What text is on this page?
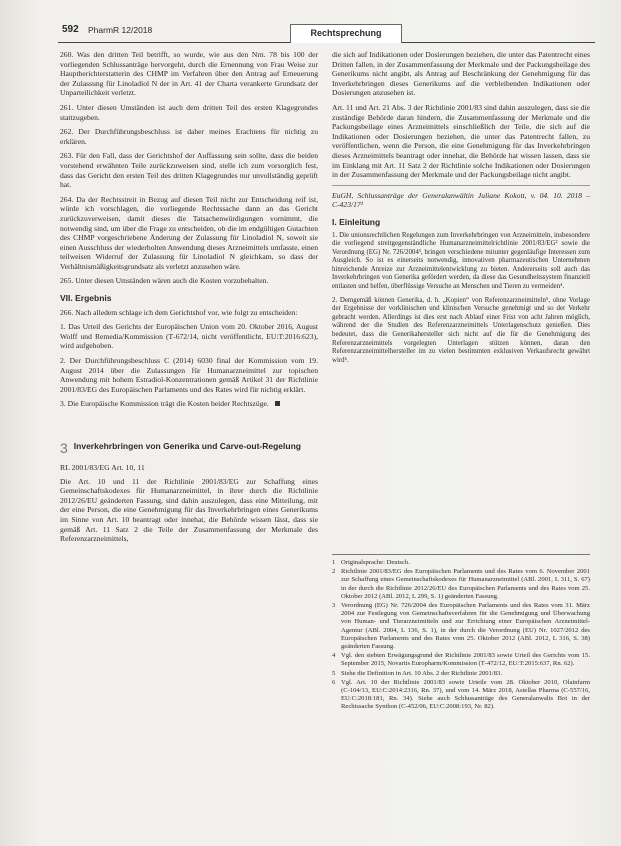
592 PharmR 12/2018	Rechtsprechung

260. Was den dritten Teil betrifft, so wurde, wie aus den Nrn. 78 bis 100 der vorliegenden Schlussanträge hervorgeht, durch die Ernennung von Frau Weise zur Hauptberichterstatterin des CHMP im Verfahren über den Antrag auf Erneuerung der Zulassung für Linoladiol N der in Art. 41 der Charta verankerte Grundsatz der Unparteilichkeit verletzt.

261. Unter diesen Umständen ist auch dem dritten Teil des ersten Klagegrundes stattzugeben.

262. Der Durchführungsbeschluss ist daher meines Erachtens für nichtig zu erklären.

263. Für den Fall, dass der Gerichtshof der Auffassung sein sollte, dass die beiden vorstehend erwähnten Teile zurückzuweisen sind, stelle ich zum vorsorglich fest, dass das Gericht den ersten Teil des dritten Klagegrundes nur unvollständig geprüft hat.

264. Da der Rechtsstreit in Bezug auf diesen Teil nicht zur Entscheidung reif ist, würde ich vorschlagen, die vorliegende Rechtssache dann an das Gericht zurückzuverweisen, damit dieses die Tatsachenwürdigungen vornimmt, die notwendig sind, um über die Frage zu entscheiden, ob die im endgültigen Gutachten des CHMP vorgeschriebene Änderung der Zulassung für Linoladiol N, soweit sie einen Ausschluss der wiederholten Anwendung dieses Arzneimittels umfasste, einen teilweisen Widerruf der Zulassung für Linoladiol N gleichkam, so dass der Verhältnismäßigkeitsgrundsatz als verletzt anzusehen wäre.

265. Unter diesen Umständen wären auch die Kosten vorzubehalten.

VII. Ergebnis

266. Nach alledem schlage ich dem Gerichtshof vor, wie folgt zu entscheiden:

1. Das Urteil des Gerichts der Europäischen Union vom 20. Oktober 2016, August Wolff und Remedia/Kommission (T‑672/14, nicht veröffentlicht, EU:T:2016:623), wird aufgehoben.

2. Der Durchführungsbeschluss C (2014) 6030 final der Kommission vom 19. August 2014 über die Zulassungen für Humanarzneimittel zur topischen Anwendung mit hohem Estradiol-Konzentrationen gemäß Artikel 31 der Richtlinie 2001/83/EG des Europäischen Parlaments und des Rates wird für nichtig erklärt.

3. Die Europäische Kommission trägt die Kosten beider Rechtszüge.

3 Inverkehrbringen von Generika und Carve-out-Regelung
RL 2001/83/EG Art. 10, 11

Die Art. 10 und 11 der Richtlinie 2001/83/EG zur Schaffung eines Gemeinschaftskodexes für Humanarzneimittel, in ihrer durch die Richtlinie 2012/26/EU geänderten Fassung, sind dahin auszulegen, dass eine Mitteilung, mit der eine Person, die eine Genehmigung für das Inverkehrbringen eines Generikums im Sinne von Art. 10 beantragt oder innehat, die Behörde wissen lässt, dass sie gemäß Art. 11 Satz 2 die Teile der Zusammenfassung der Merkmale des Referenzarzneimittels,

die sich auf Indikationen oder Dosierungen beziehen, die unter das Patentrecht eines Dritten fallen, in der Zusammenfassung der Merkmale und der Packungsbeilage des Generikums nicht angibt, als Antrag auf Beschränkung der Genehmigung für das Inverkehrbringen dieses Generikums auf die verbleibenden Indikationen oder Dosierungen anzusehen ist.

Art. 11 und Art. 21 Abs. 3 der Richtlinie 2001/83 sind dahin auszulegen, dass sie die zuständige Behörde daran hindern, die Zusammenfassung der Merkmale und die Packungsbeilage eines Arzneimittels einschließlich der Teile, die sich auf die Indikationen oder Dosierungen beziehen, die unter das Patentrecht fallen, zu veröffentlichen, wenn die Person, die eine Genehmigung für das Inverkehrbringen dieses Arzneimittels beantragt oder innehat, die Behörde hat wissen lassen, dass sie im Einklang mit Art. 11 Satz 2 der Richtlinie solche Indikationen oder Dosierungen in der Zusammenfassung der Merkmale und der Packungsbeilage nicht angibt.

EuGH, Schlussanträge der Generalanwältin Juliane Kokott, v. 04. 10. 2018 – C‑423/17¹

I. Einleitung

1. Die unionsrechtlichen Regelungen zum Inverkehrbringen von Arzneimitteln, insbesondere die vorliegend streitgegenständliche Humanarzneimittelrichtlinie 2001/83/EG² sowie die Verordnung (EG) Nr. 726/2004³, bringen verschiedene mitunter gegenläufige Interessen zum Ausgleich. So ist es einerseits notwendig, innovativen pharmazeutischen Unternehmen hinreichende Anreize zur Arzneimittelentwicklung zu bieten. Andererseits soll auch das Inverkehrbringen von Generika gefördert werden, da diese das Gesundheitssystem finanziell entlasten und helfen, überflüssige Versuche an Menschen und Tieren zu vermeiden⁴.

2. Demgemäß können Generika, d. h. „Kopien“ von Referenzarzneimitteln⁵, ohne Vorlage der Ergebnisse der vorklinischen und klinischen Versuche genehmigt und so der Verkehr gebracht werden. Allerdings ist dies erst nach Ablauf einer Frist von acht Jahren möglich, während der die Studien des Referenzarzneimittels Unterlagenschutz genießen. Dies bedeutet, dass die Generikahersteller sich nicht auf die für die Genehmigung des Referenzarzneimittels vorgelegten Unterlagen stützen können, daran den Referenzarzneimittelhersteller im zu vielen bestimmten exklusiven Verkaufsrecht gewährt wird⁶.

1 Originalsprache: Deutsch.
2 Richtlinie 2001/83/EG des Europäischen Parlaments und des Rates vom 6. November 2001 zur Schaffung eines Gemeinschaftskodexes für Humanarzneimittel (ABl. 2001, L 311, S. 67) in der durch die Richtlinie 2012/26/EU des Europäischen Parlaments und des Rates vom 25. Oktober 2012 (ABl. 2012, L 299, S. 1) geänderten Fassung.
3 Verordnung (EG) Nr. 726/2004 des Europäischen Parlaments und des Rates vom 31. März 2004 zur Festlegung von Gemeinschaftsverfahren für die Genehmigung und Überwachung von Human- und Tierarzneimitteln und zur Errichtung einer Europäischen Arzneimittel-Agentur (ABl. 2004, L 136, S. 1), in der durch die Verordnung (EU) Nr. 1027/2012 des Europäischen Parlaments und des Rates vom 25. Oktober 2012 (ABl. 2012, L 316, S. 38) geänderten Fassung.
4 Vgl. den siebten Erwägungsgrund der Richtlinie 2001/83 sowie Urteil des Gerichts vom 15. September 2015, Novartis Europharm/Kommission (T‑472/12, EU:T:2015:637, Rn. 62).
5 Siehe die Definition in Art. 10 Abs. 2 der Richtlinie 2001/83.
6 Vgl. Art. 10 der Richtlinie 2001/83 sowie Urteile vom 28. Oktober 2010, Olainfarm (C‑104/13, EU:C:2014:2316, Rn. 37), und vom 14. März 2018, Astellas Pharma (C‑557/16, EU:C:2018:181, Rn. 34). Siehe auch Schlussanträge des Generalanwalts Bot in der Rechtssache Synthon (C‑452/06, EU:C:2008:193, Nr. 82).
